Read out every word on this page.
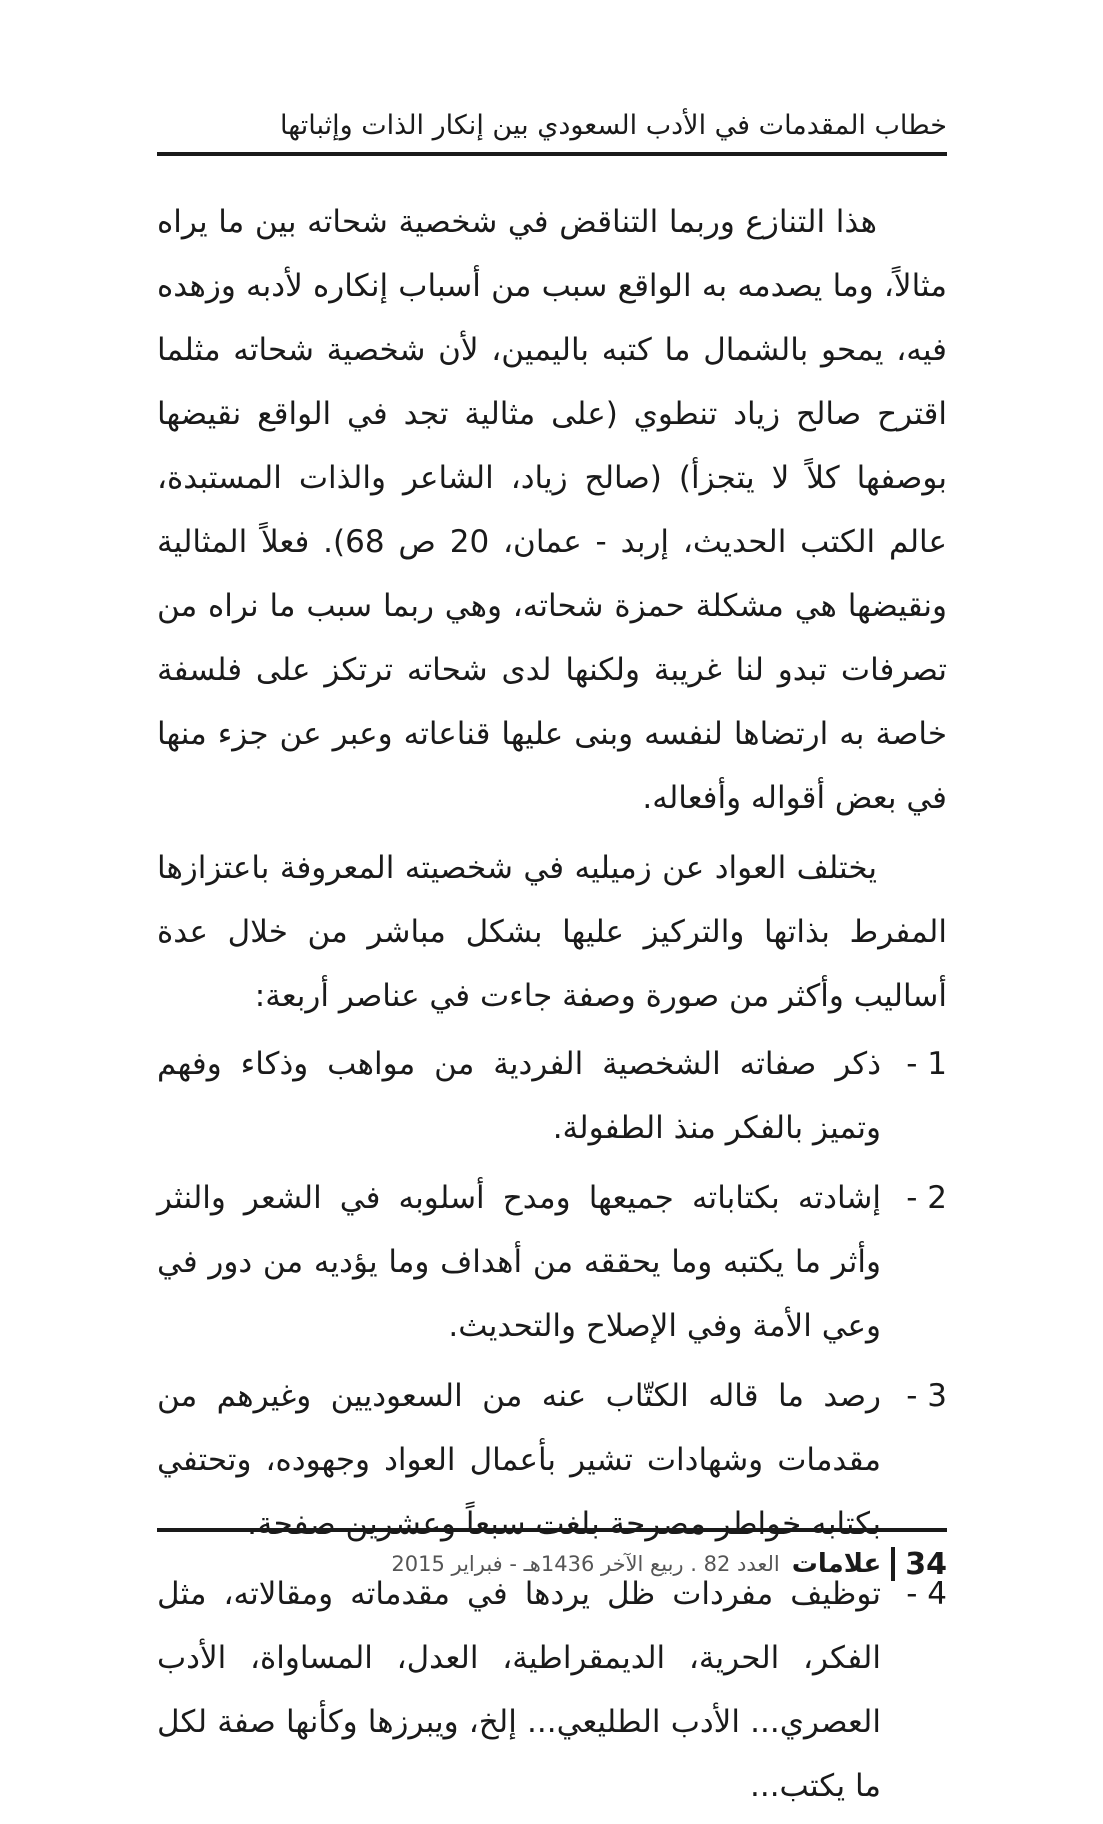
خطاب المقدمات في الأدب السعودي بين إنكار الذات وإثباتها

هذا التنازع وربما التناقض في شخصية شحاته بين ما يراه مثالاً، وما يصدمه به الواقع سبب من أسباب إنكاره لأدبه وزهده فيه، يمحو بالشمال ما كتبه باليمين، لأن شخصية شحاته مثلما اقترح صالح زياد تنطوي (على مثالية تجد في الواقع نقيضها بوصفها كلاً لا يتجزأ) (صالح زياد، الشاعر والذات المستبدة، عالم الكتب الحديث، إربد - عمان، 20 ص 68). فعلاً المثالية ونقيضها هي مشكلة حمزة شحاته، وهي ربما سبب ما نراه من تصرفات تبدو لنا غريبة ولكنها لدى شحاته ترتكز على فلسفة خاصة به ارتضاها لنفسه وبنى عليها قناعاته وعبر عن جزء منها في بعض أقواله وأفعاله.

يختلف العواد عن زميليه في شخصيته المعروفة باعتزازها المفرط بذاتها والتركيز عليها بشكل مباشر من خلال عدة أساليب وأكثر من صورة وصفة جاءت في عناصر أربعة:

1 -
ذكر صفاته الشخصية الفردية من مواهب وذكاء وفهم وتميز بالفكر منذ الطفولة.
2 -
إشادته بكتاباته جميعها ومدح أسلوبه في الشعر والنثر وأثر ما يكتبه وما يحققه من أهداف وما يؤديه من دور في وعي الأمة وفي الإصلاح والتحديث.
3 -
رصد ما قاله الكتّاب عنه من السعوديين وغيرهم من مقدمات وشهادات تشير بأعمال العواد وجهوده، وتحتفي بكتابه خواطر مصرحة بلغت سبعاً وعشرين صفحة.
4 -
توظيف مفردات ظل يردها في مقدماته ومقالاته، مثل الفكر، الحرية، الديمقراطية، العدل، المساواة، الأدب العصري... الأدب الطليعي... إلخ، ويبرزها وكأنها صفة لكل ما يكتب...
34
علامات
العدد 82 . ربيع الآخر 1436هـ - فبراير 2015
